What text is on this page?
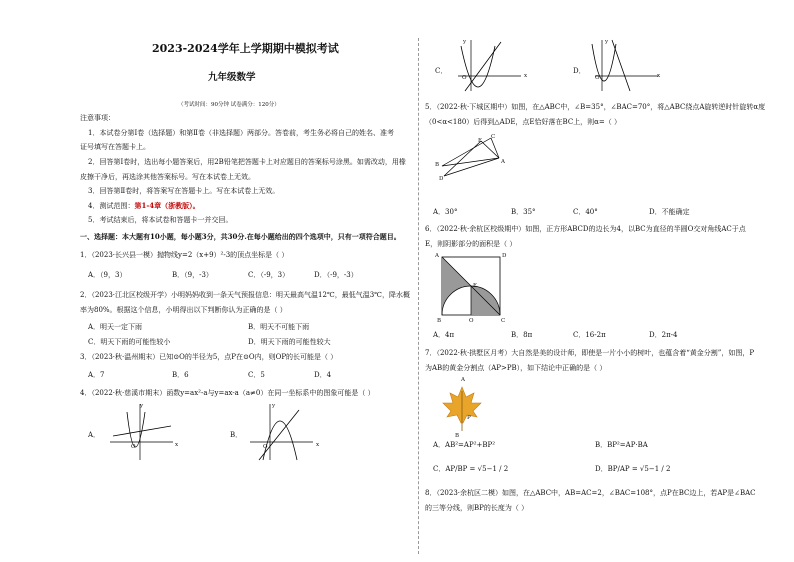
2023-2024学年上学期期中模拟考试
九年级数学
（考试时间：90分钟 试卷满分：120分）
注意事项：
1．本试卷分第Ⅰ卷（选择题）和第Ⅱ卷（非选择题）两部分。答卷前，考生务必将自己的姓名、准考
证号填写在答题卡上。
2．回答第Ⅰ卷时，选出每小题答案后，用2B铅笔把答题卡上对应题目的答案标号涂黑。如需改动，用橡
皮擦干净后，再选涂其他答案标号。写在本试卷上无效。
3．回答第Ⅱ卷时，将答案写在答题卡上。写在本试卷上无效。
4．测试范围：第1-4章（浙教版）。
5．考试结束后，将本试卷和答题卡一并交回。
一、选择题：本大题有10小题，每小题3分，共30分.在每小题给出的四个选项中，只有一项符合题目。
1．（2023·长兴县一模）抛物线y=2（x+9）²-3的顶点坐标是（ ）
A．（9，3）	B．（9，-3）	C．（-9，3）	D．（-9，-3）
2．（2023·江北区校级开学）小明妈妈收到一条天气预报信息：明天最高气温12℃，最低气温3℃，降水概
率为80%。根据这个信息，小明得出以下判断你认为正确的是（ ）
A．明天一定下雨	B．明天不可能下雨
C．明天下雨的可能性较小	D．明天下雨的可能性较大
3．（2023·秋·温州期末）已知⊙O的半径为5，点P在⊙O内，则OP的长可能是（ ）
A．7	B．6	C．5	D．4
4．（2022·秋·慈溪市期末）函数y=ax²-a与y=ax-a（a≠0）在同一坐标系中的图象可能是（ ）
A．	B．
x
y
O	x
y
O
C．
x
y
O
D．
x
y
O
5．（2022·秋·下城区期中）如图，在△ABC中，∠B=35°，∠BAC=70°，将△ABC绕点A旋转逆时针旋转α度
（0<α<180）后得到△ADE，点E恰好落在BC上，则α=（ ）
B
C
E
A
D
A．30°	B．35°	C．40°	D．不能确定
6．（2022·秋·余杭区校级期中）如图，正方形ABCD的边长为4，以BC为直径的半圆O交对角线AC于点
E，则阴影部分的面积是（ ）
A	D
E
B	O	C
A．4π	B．8π	C．16-2π	D．2π-4
7．（2022·秋·拱墅区月考）大自然是美的设计师，即使是一片小小的树叶，也蕴含着“黄金分割”，如图，P
为AB的黄金分割点（AP>PB），如下结论中正确的是（ ）
A
P
B
A．AB²=AP²+BP²	B．BP²=AP·BA
C．AP/BP = √5−1 / 2	D．BP/AP = √5−1 / 2
8．（2023·余杭区二模）如图，在△ABC中，AB=AC=2，∠BAC=108°，点P在BC边上，若AP是∠BAC
的三等分线，则BP的长度为（ ）
